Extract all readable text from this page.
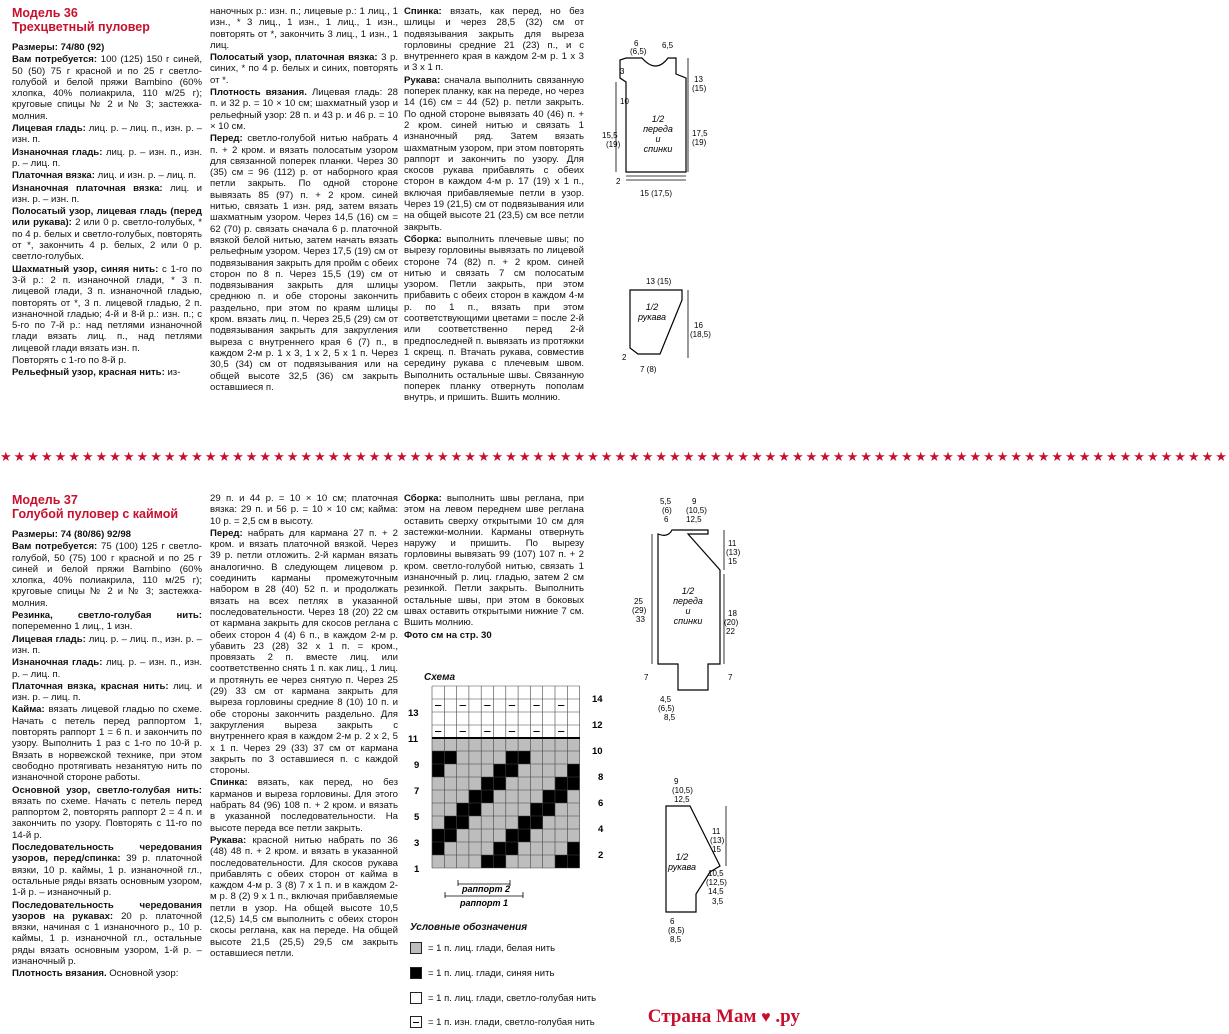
Модель 36
Трехцветный пуловер

Размеры: 74/80 (92)

Вам потребуется: 100 (125) 150 г синей, 50 (50) 75 г красной и по 25 г светло-голубой и белой пряжи Bambino (60% хлопка, 40% полиакрила, 110 м/25 г); круговые спицы № 2 и № 3; застежка-молния.

Лицевая гладь: лиц. р. – лиц. п., изн. р. – изн. п.

Изнаночная гладь: лиц. р. – изн. п., изн. р. – лиц. п.

Платочная вязка: лиц. и изн. р. – лиц. п.

Изнаночная платочная вязка: лиц. и изн. р. – изн. п.

Полосатый узор, лицевая гладь (перед или рукава): 2 или 0 р. светло-голубых, * по 4 р. белых и светло-голубых, повторять от *, закончить 4 р. белых, 2 или 0 р. светло-голубых.

Шахматный узор, синяя нить: с 1-го по 3-й р.: 2 п. изнаночной глади, * 3 п. лицевой глади, 3 п. изнаночной гладью, повторять от *, 3 п. лицевой гладью, 2 п. изнаночной гладью; 4-й и 8-й р.: изн. п.; с 5-го по 7-й р.: над петлями изнаночной глади вязать лиц. п., над петлями лицевой глади вязать изн. п.

Повторять с 1-го по 8-й р.

Рельефный узор, красная нить: из-

наночных р.: изн. п.; лицевые р.: 1 лиц., 1 изн., * 3 лиц., 1 изн., 1 лиц., 1 изн., повторять от *, закончить 3 лиц., 1 изн., 1 лиц.

Полосатый узор, платочная вязка: 3 р. синих, * по 4 р. белых и синих, повторять от *.

Плотность вязания. Лицевая гладь: 28 п. и 32 р. = 10 × 10 см; шахматный узор и рельефный узор: 28 п. и 43 р. и 46 р. = 10 × 10 см.

Перед: светло-голубой нитью набрать 4 п. + 2 кром. и вязать полосатым узором для связанной поперек планки. Через 30 (35) см = 96 (112) р. от наборного края петли закрыть. По одной стороне вывязать 85 (97) п. + 2 кром. синей нитью, связать 1 изн. ряд, затем вязать шахматным узором. Через 14,5 (16) см = 62 (70) р. связать сначала 6 р. платочной вязкой белой нитью, затем начать вязать рельефным узором. Через 17,5 (19) см от подвязывания закрыть для пройм с обеих сторон по 8 п. Через 15,5 (19) см от подвязывания закрыть для шлицы среднюю п. и обе стороны закончить раздельно, при этом по краям шлицы кром. вязать лиц. п. Через 25,5 (29) см от подвязывания закрыть для закругления выреза с внутреннего края 6 (7) п., в каждом 2-м р. 1 х 3, 1 х 2, 5 х 1 п. Через 30,5 (34) см от подвязывания или на общей высоте 32,5 (36) см закрыть оставшиеся п.

Спинка: вязать, как перед, но без шлицы и через 28,5 (32) см от подвязывания закрыть для выреза горловины средние 21 (23) п., и с внутреннего края в каждом 2-м р. 1 х 3 и 3 х 1 п.

Рукава: сначала выполнить связанную поперек планку, как на переде, но через 14 (16) см = 44 (52) р. петли закрыть. По одной стороне вывязать 40 (46) п. + 2 кром. синей нитью и связать 1 изнаночный ряд. Затем вязать шахматным узором, при этом повторять раппорт и закончить по узору. Для скосов рукава прибавлять с обеих сторон в каждом 4-м р. 17 (19) х 1 п., включая прибавляемые петли в узор. Через 19 (21,5) см от подвязывания или на общей высоте 21 (23,5) см все петли закрыть.

Сборка: выполнить плечевые швы; по вырезу горловины вывязать по лицевой стороне 74 (82) п. + 2 кром. синей нитью и связать 7 см полосатым узором. Петли закрыть, при этом прибавить с обеих сторон в каждом 4-м р. по 1 п., вязать при этом соответствующими цветами = после 2-й или соответственно перед 2-й предпоследней п. вывязать из протяжки 1 скрещ. п. Втачать рукава, совместив середину рукава с плечевым швом. Выполнить остальные швы. Связанную поперек планку отвернуть пополам внутрь, и пришить. Вшить молнию.

6
(6,5)
6,5
3
10
13
(15)
15,5
(19)
17,5
(19)
2
15 (17,5)
1/2
переда
и
спинки
13 (15)
16
(18,5)
2
7 (8)
1/2
рукава
★★★★★★★★★★★★★★★★★★★★★★★★★★★★★★★★★★★★★★★★★★★★★★★★★★★★★★★★★★★★★★★★★★★★★★★★★★★★★★★★★★★★★★★★★★
Модель 37
Голубой пуловер с каймой

Размеры: 74 (80/86) 92/98

Вам потребуется: 75 (100) 125 г светло-голубой, 50 (75) 100 г красной и по 25 г синей и белой пряжи Bambino (60% хлопка, 40% полиакрила, 110 м/25 г); круговые спицы № 2 и № 3; застежка-молния.

Резинка, светло-голубая нить: попеременно 1 лиц., 1 изн.

Лицевая гладь: лиц. р. – лиц. п., изн. р. – изн. п.

Изнаночная гладь: лиц. р. – изн. п., изн. р. – лиц. п.

Платочная вязка, красная нить: лиц. и изн. р. – лиц. п.

Кайма: вязать лицевой гладью по схеме. Начать с петель перед раппортом 1, повторять раппорт 1 = 6 п. и закончить по узору. Выполнить 1 раз с 1-го по 10-й р. Вязать в норвежской технике, при этом свободно протягивать незанятую нить по изнаночной стороне работы.

Основной узор, светло-голубая нить: вязать по схеме. Начать с петель перед раппортом 2, повторять раппорт 2 = 4 п. и закончить по узору. Повторять с 11-го по 14-й р.

Последовательность чередования узоров, перед/спинка: 39 р. платочной вязки, 10 р. каймы, 1 р. изнаночной гл., остальные ряды вязать основным узором, 1-й р. – изнаночный р.

Последовательность чередования узоров на рукавах: 20 р. платочной вязки, начиная с 1 изнаночного р., 10 р. каймы, 1 р. изнаночной гл., остальные ряды вязать основным узором, 1-й р. – изнаночный р.

Плотность вязания. Основной узор:

29 п. и 44 р. = 10 × 10 см; платочная вязка: 29 п. и 56 р. = 10 × 10 см; кайма: 10 р. = 2,5 см в высоту.

Перед: набрать для кармана 27 п. + 2 кром. и вязать платочной вязкой. Через 39 р. петли отложить. 2-й карман вязать аналогично. В следующем лицевом р. соединить карманы промежуточным набором в 28 (40) 52 п. и продолжать вязать на всех петлях в указанной последовательности. Через 18 (20) 22 см от кармана закрыть для скосов реглана с обеих сторон 4 (4) 6 п., в каждом 2-м р. убавить 23 (28) 32 х 1 п. = кром., провязать 2 п. вместе лиц. или соответственно снять 1 п. как лиц., 1 лиц. и протянуть ее через снятую п. Через 25 (29) 33 см от кармана закрыть для выреза горловины средние 8 (10) 10 п. и обе стороны закончить раздельно. Для закругления выреза закрыть с внутреннего края в каждом 2-м р. 2 х 2, 5 х 1 п. Через 29 (33) 37 см от кармана закрыть по 3 оставшиеся п. с каждой стороны.

Спинка: вязать, как перед, но без карманов и выреза горловины. Для этого набрать 84 (96) 108 п. + 2 кром. и вязать в указанной последовательности. На высоте переда все петли закрыть.

Рукава: красной нитью набрать по 36 (48) 48 п. + 2 кром. и вязать в указанной последовательности. Для скосов рукава прибавлять с обеих сторон от кайма в каждом 4-м р. 3 (8) 7 х 1 п. и в каждом 2-м р. 8 (2) 9 х 1 п., включая прибавляемые петли в узор. На общей высоте 10,5 (12,5) 14,5 см выполнить с обеих сторон скосы реглана, как на переде. На общей высоте 21,5 (25,5) 29,5 см закрыть оставшиеся петли.

Сборка: выполнить швы реглана, при этом на левом переднем шве реглана оставить сверху открытыми 10 см для застежки-молнии. Карманы отвернуть наружу и пришить. По вырезу горловины вывязать 99 (107) 107 п. + 2 кром. светло-голубой нитью, связать 1 изнаночный р. лиц. гладью, затем 2 см резинкой. Петли закрыть. Выполнить остальные швы, при этом в боковых швах оставить открытыми нижние 7 см. Вшить молнию.

Фото см на стр. 30

Схема
13
11
9
7
5
3
1
14
12
10
8
6
4
2
раппорт 2
раппорт 1
Условные обозначения
= 1 п. лиц. глади, белая нить
= 1 п. лиц. глади, синяя нить
= 1 п. лиц. глади, светло-голубая нить
= 1 п. изн. глади, светло-голубая нить
5,5
(6)
6
9
(10,5)
12,5
11
(13)
15
25
(29)
33
18
(20)
22
7	7
4,5
(6,5)
8,5
1/2
переда
и
спинки
9
(10,5)
12,5
11
(13)
15
10,5
(12,5)
14,5
3,5
6
(8,5)
8,5
1/2
рукава
Страна Мам ♥ .ру
